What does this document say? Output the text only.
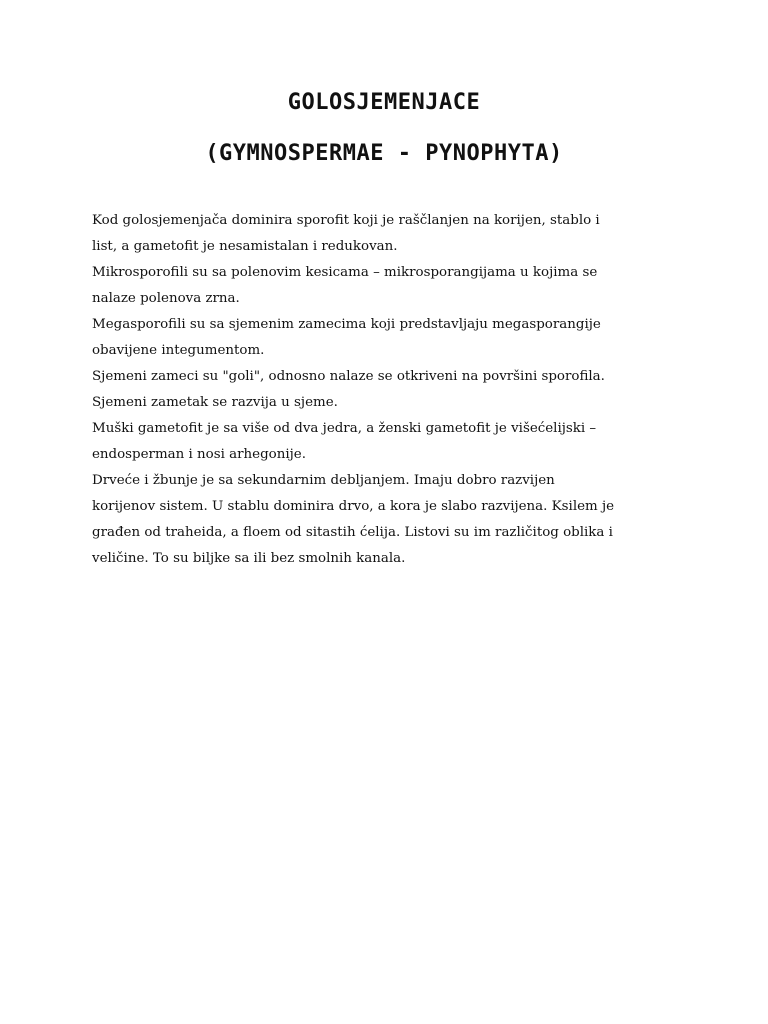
GOLOSJEMENJACE

(GYMNOSPERMAE - PYNOPHYTA)

Kod golosjemenjača dominira sporofit koji je raščlanjen na korijen, stablo i
list, a gametofit je nesamistalan i redukovan.
Mikrosporofili su sa polenovim kesicama – mikrosporangijama u kojima se
nalaze polenova zrna.
Megasporofili su sa sjemenim zamecima koji predstavljaju megasporangije
obavijene integumentom.
Sjemeni zameci su "goli", odnosno nalaze se otkriveni na površini sporofila.
Sjemeni zametak se razvija u sjeme.
Muški gametofit je sa više od dva jedra, a ženski gametofit je višećelijski –
endosperman i nosi arhegonije.
Drveće i žbunje je sa sekundarnim debljanjem. Imaju dobro razvijen
korijenov sistem. U stablu dominira drvo, a kora je slabo razvijena. Ksilem je
građen od traheida, a floem od sitastih ćelija. Listovi su im različitog oblika i
veličine. To su biljke sa ili bez smolnih kanala.
